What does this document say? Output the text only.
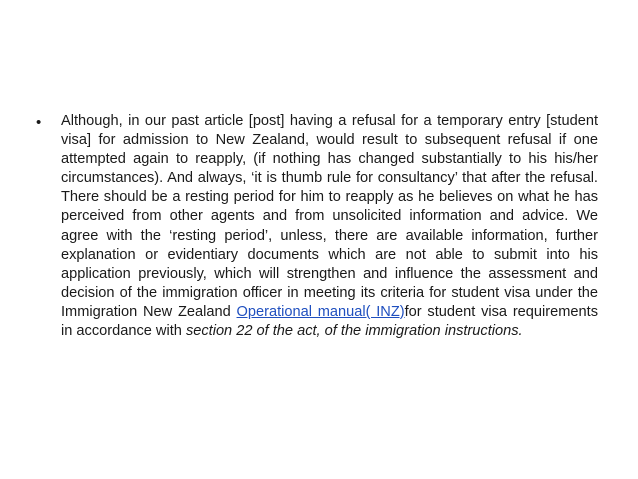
• Although, in our past article [post] having a refusal for a temporary entry [student visa] for admission to New Zealand, would result to subsequent refusal if one attempted again to reapply, (if nothing has changed substantially to his his/her circumstances). And always, ‘it is thumb rule for consultancy’ that after the refusal. There should be a resting period for him to reapply as he believes on what he has perceived from other agents and from unsolicited information and advice. We agree with the ‘resting period’, unless, there are available information, further explanation or evidentiary documents which are not able to submit into his application previously, which will strengthen and influence the assessment and decision of the immigration officer in meeting its criteria for student visa under the Immigration New Zealand Operational manual( INZ)for student visa requirements in accordance with section 22 of the act, of the immigration instructions.
